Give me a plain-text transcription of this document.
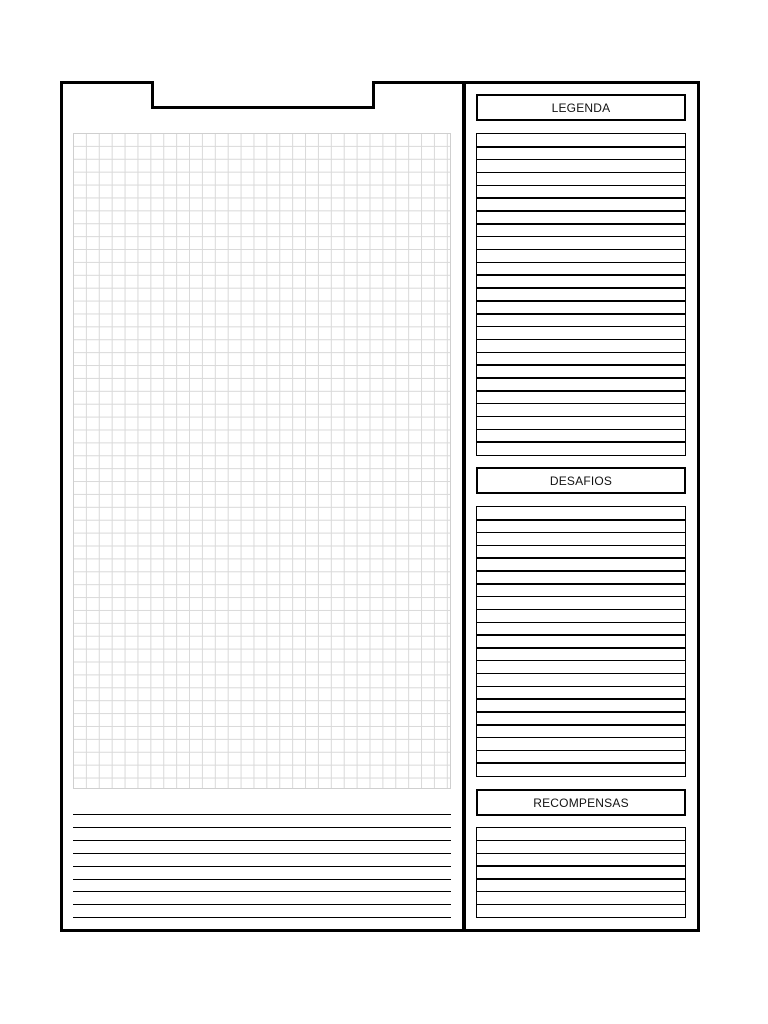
LEGENDA
DESAFIOS
RECOMPENSAS
